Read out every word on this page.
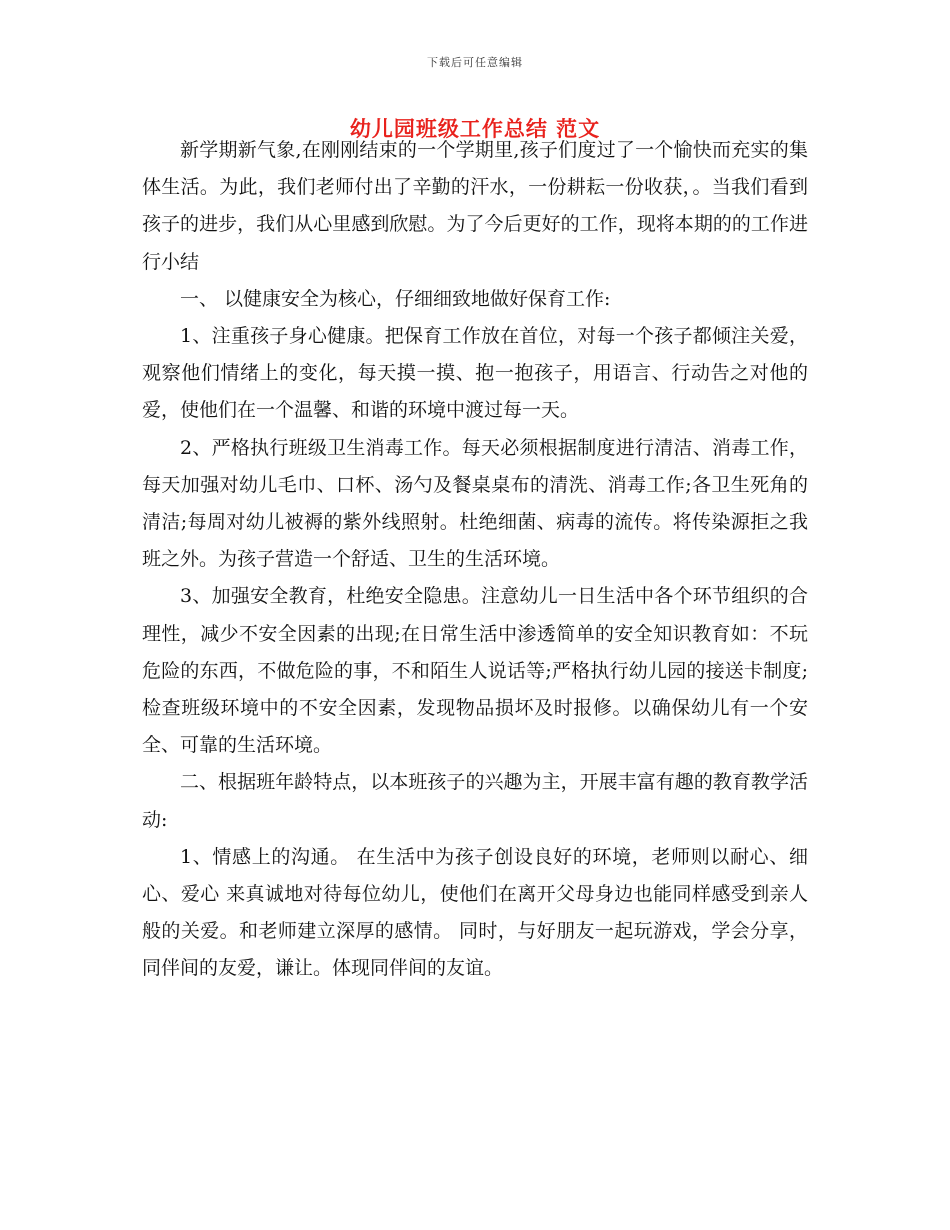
下载后可任意编辑
幼儿园班级工作总结 范文

新学期新气象,在刚刚结束的一个学期里,孩子们度过了一个愉快而充实的集体生活。为此，我们老师付出了辛勤的汗水，一份耕耘一份收获，。当我们看到孩子的进步，我们从心里感到欣慰。为了今后更好的工作，现将本期的的工作进行小结

一、 以健康安全为核心，仔细细致地做好保育工作:

1、注重孩子身心健康。把保育工作放在首位，对每一个孩子都倾注关爱，观察他们情绪上的变化，每天摸一摸、抱一抱孩子，用语言、行动告之对他的爱，使他们在一个温馨、和谐的环境中渡过每一天。

2、严格执行班级卫生消毒工作。每天必须根据制度进行清洁、消毒工作，每天加强对幼儿毛巾、口杯、汤勺及餐桌桌布的清洗、消毒工作;各卫生死角的清洁;每周对幼儿被褥的紫外线照射。杜绝细菌、病毒的流传。将传染源拒之我班之外。为孩子营造一个舒适、卫生的生活环境。

3、加强安全教育，杜绝安全隐患。注意幼儿一日生活中各个环节组织的合理性，减少不安全因素的出现;在日常生活中渗透简单的安全知识教育如：不玩危险的东西，不做危险的事，不和陌生人说话等;严格执行幼儿园的接送卡制度;检查班级环境中的不安全因素，发现物品损坏及时报修。以确保幼儿有一个安全、可靠的生活环境。

二、根据班年龄特点，以本班孩子的兴趣为主，开展丰富有趣的教育教学活动:

1、情感上的沟通。 在生活中为孩子创设良好的环境，老师则以耐心、细心、爱心 来真诚地对待每位幼儿，使他们在离开父母身边也能同样感受到亲人般的关爱。和老师建立深厚的感情。 同时，与好朋友一起玩游戏，学会分享，同伴间的友爱，谦让。体现同伴间的友谊。
